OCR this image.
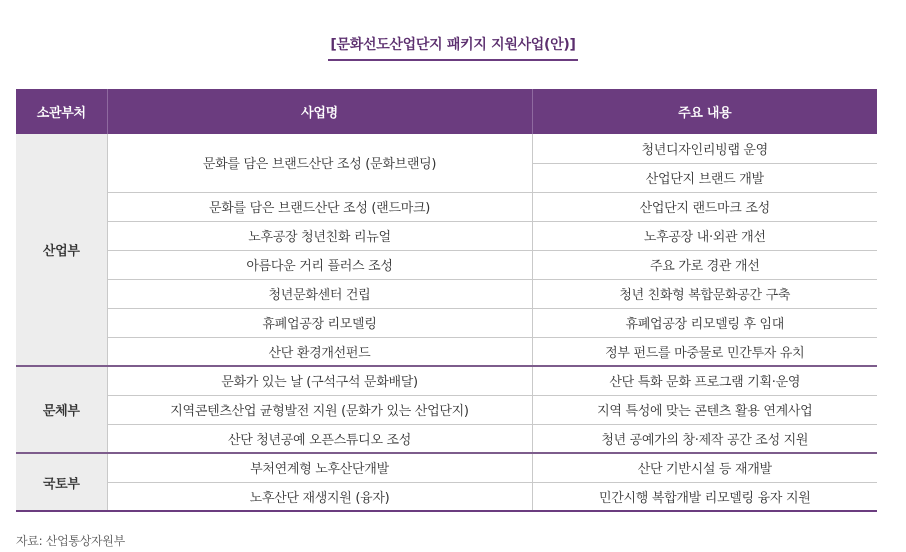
[문화선도산업단지 패키지 지원사업(안)]
소관부처	사업명	주요 내용
산업부	문화를 담은 브랜드산단 조성 (문화브랜딩)	청년디자인리빙랩 운영
		산업단지 브랜드 개발
	문화를 담은 브랜드산단 조성 (랜드마크)	산업단지 랜드마크 조성
	노후공장 청년친화 리뉴얼	노후공장 내·외관 개선
	아름다운 거리 플러스 조성	주요 가로 경관 개선
	청년문화센터 건립	청년 친화형 복합문화공간 구축
	휴폐업공장 리모델링	휴폐업공장 리모델링 후 임대
	산단 환경개선펀드	정부 펀드를 마중물로 민간투자 유치
문체부	문화가 있는 날 (구석구석 문화배달)	산단 특화 문화 프로그램 기획·운영
	지역콘텐츠산업 균형발전 지원 (문화가 있는 산업단지)	지역 특성에 맞는 콘텐츠 활용 연계사업
	산단 청년공예 오픈스튜디오 조성	청년 공예가의 창·제작 공간 조성 지원
국토부	부처연계형 노후산단개발	산단 기반시설 등 재개발
	노후산단 재생지원 (융자)	민간시행 복합개발 리모델링 융자 지원
자료: 산업통상자원부
